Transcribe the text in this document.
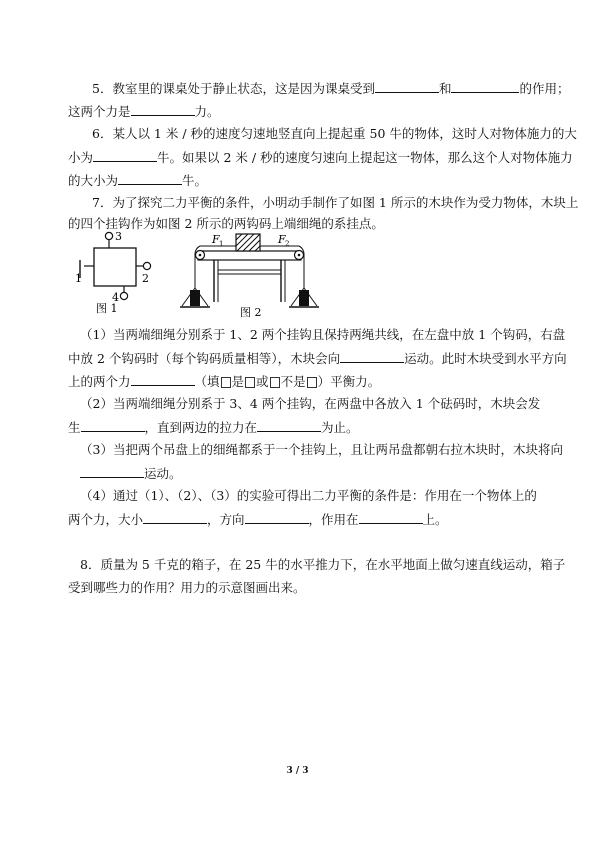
5．教室里的课桌处于静止状态，这是因为课桌受到	和	的作用；
这两个力是	力。
6．某人以 1 米 / 秒的速度匀速地竖直向上提起重 50 牛的物体，这时人对物体施力的大
小为	牛。如果以 2 米 / 秒的速度匀速向上提起这一物体，那么这个人对物体施力
的大小为	牛。
7．为了探究二力平衡的条件，小明动手制作了如图 1 所示的木块作为受力物体，木块上
的四个挂钩作为如图 2 所示的两钩码上端细绳的系挂点。
3
2
1
4
图 1
F 1	F 2
图 2
（1）当两端细绳分别系于 1、2 两个挂钩且保持两绳共线，在左盘中放 1 个钩码，右盘
中放 2 个钩码时（每个钩码质量相等），木块会向	运动。此时木块受到水平方向
上的两个力	（填 是 或 不是 ）平衡力。
（2）当两端细绳分别系于 3、4 两个挂钩，在两盘中各放入 1 个砝码时，木块会发
生	，直到两边的拉力在	为止。
（3）当把两个吊盘上的细绳都系于一个挂钩上，且让两吊盘都朝右拉木块时，木块将向
运动。
（4）通过（1）、（2）、（3）的实验可得出二力平衡的条件是：作用在一个物体上的
两个力，大小	，方向	，作用在	上。
8．质量为 5 千克的箱子，在 25 牛的水平推力下，在水平地面上做匀速直线运动，箱子
受到哪些力的作用？用力的示意图画出来。
3 / 3
